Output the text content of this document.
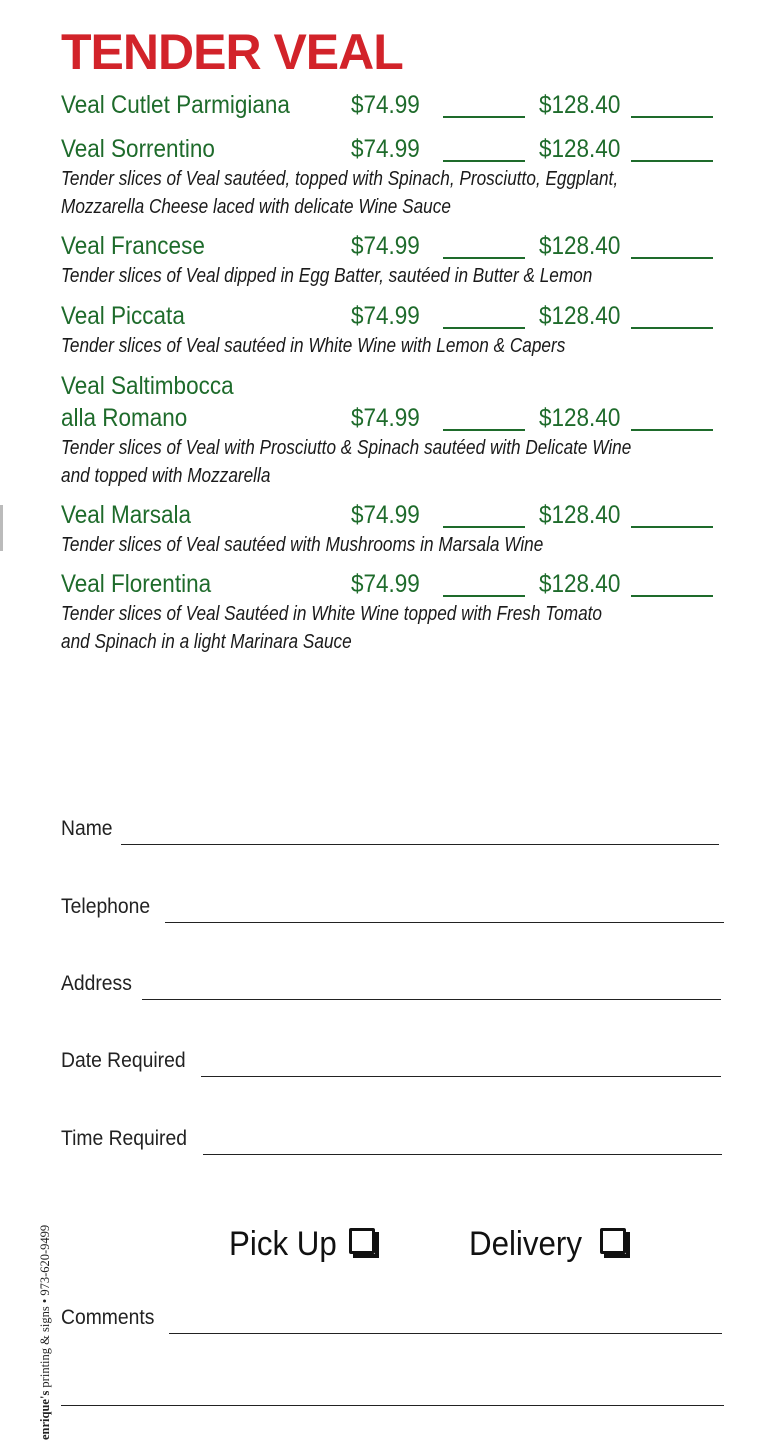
TENDER VEAL
Veal Cutlet Parmigiana $74.99	$128.40
Veal Sorrentino	$74.99	$128.40
Tender slices of Veal sautéed, topped with Spinach, Prosciutto, Eggplant,
Mozzarella Cheese laced with delicate Wine Sauce
Veal Francese	$74.99	$128.40
Tender slices of Veal dipped in Egg Batter, sautéed in Butter & Lemon
Veal Piccata	$74.99	$128.40
Tender slices of Veal sautéed in White Wine with Lemon & Capers
Veal Saltimbocca
alla Romano	$74.99	$128.40
Tender slices of Veal with Prosciutto & Spinach sautéed with Delicate Wine
and topped with Mozzarella
Veal Marsala	$74.99	$128.40
Tender slices of Veal sautéed with Mushrooms in Marsala Wine
Veal Florentina	$74.99	$128.40
Tender slices of Veal Sautéed in White Wine topped with Fresh Tomato
and Spinach in a light Marinara Sauce
Name
Telephone
Address
Date Required
Time Required
Pick Up	Delivery
Comments
enrique's printing & signs • 973-620-9499
